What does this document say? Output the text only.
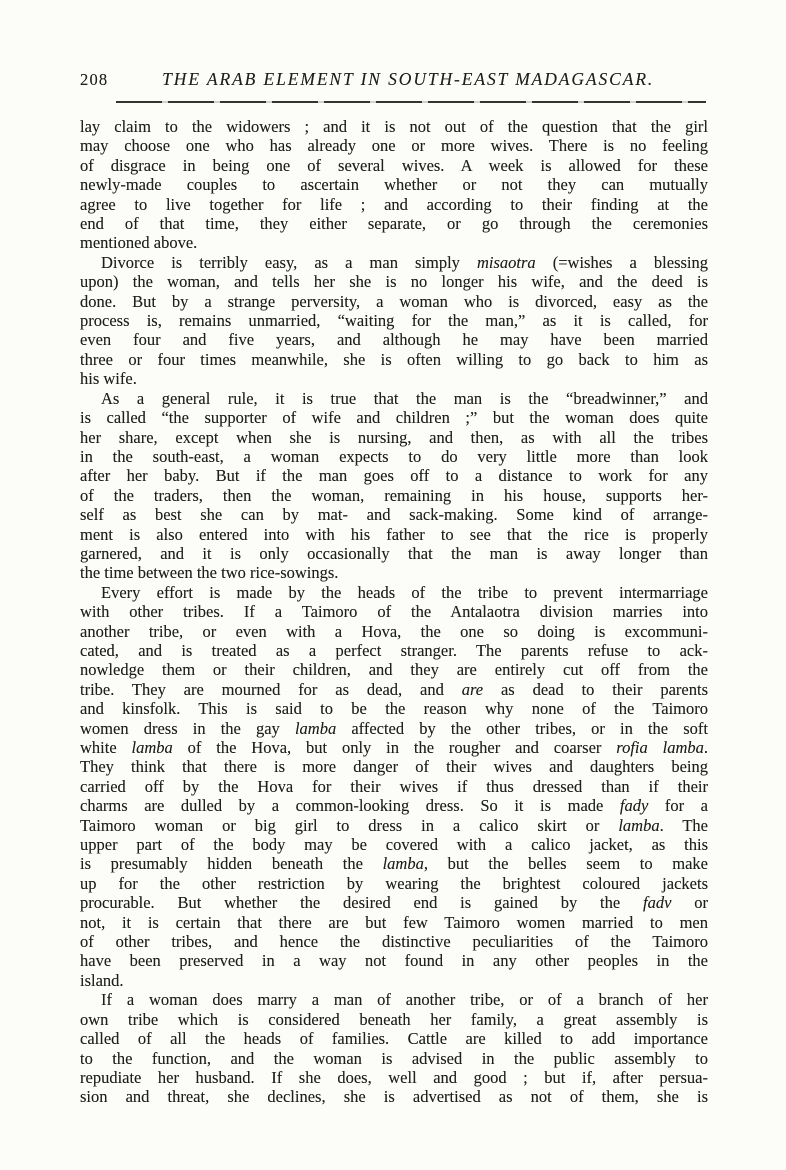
208	THE ARAB ELEMENT IN SOUTH-EAST MADAGASCAR.
lay claim to the widowers ; and it is not out of the question that the girl
may choose one who has already one or more wives. There is no feeling
of disgrace in being one of several wives. A week is allowed for these
newly-made couples to ascertain whether or not they can mutually
agree to live together for life ; and according to their finding at the
end of that time, they either separate, or go through the ceremonies
mentioned above.
Divorce is terribly easy, as a man simply misaotra (=wishes a blessing
upon) the woman, and tells her she is no longer his wife, and the deed is
done. But by a strange perversity, a woman who is divorced, easy as the
process is, remains unmarried, “waiting for the man,” as it is called, for
even four and five years, and although he may have been married
three or four times meanwhile, she is often willing to go back to him as
his wife.
As a general rule, it is true that the man is the “breadwinner,” and
is called “the supporter of wife and children ;” but the woman does quite
her share, except when she is nursing, and then, as with all the tribes
in the south-east, a woman expects to do very little more than look
after her baby. But if the man goes off to a distance to work for any
of the traders, then the woman, remaining in his house, supports her-
self as best she can by mat- and sack-making. Some kind of arrange-
ment is also entered into with his father to see that the rice is properly
garnered, and it is only occasionally that the man is away longer than
the time between the two rice-sowings.
Every effort is made by the heads of the tribe to prevent intermarriage
with other tribes. If a Taimoro of the Antalaotra division marries into
another tribe, or even with a Hova, the one so doing is excommuni-
cated, and is treated as a perfect stranger. The parents refuse to ack-
nowledge them or their children, and they are entirely cut off from the
tribe. They are mourned for as dead, and are as dead to their parents
and kinsfolk. This is said to be the reason why none of the Taimoro
women dress in the gay lamba affected by the other tribes, or in the soft
white lamba of the Hova, but only in the rougher and coarser rofia lamba.
They think that there is more danger of their wives and daughters being
carried off by the Hova for their wives if thus dressed than if their
charms are dulled by a common-looking dress. So it is made fady for a
Taimoro woman or big girl to dress in a calico skirt or lamba. The
upper part of the body may be covered with a calico jacket, as this
is presumably hidden beneath the lamba, but the belles seem to make
up for the other restriction by wearing the brightest coloured jackets
procurable. But whether the desired end is gained by the fadv or
not, it is certain that there are but few Taimoro women married to men
of other tribes, and hence the distinctive peculiarities of the Taimoro
have been preserved in a way not found in any other peoples in the
island.
If a woman does marry a man of another tribe, or of a branch of her
own tribe which is considered beneath her family, a great assembly is
called of all the heads of families. Cattle are killed to add importance
to the function, and the woman is advised in the public assembly to
repudiate her husband. If she does, well and good ; but if, after persua-
sion and threat, she declines, she is advertised as not of them, she is
